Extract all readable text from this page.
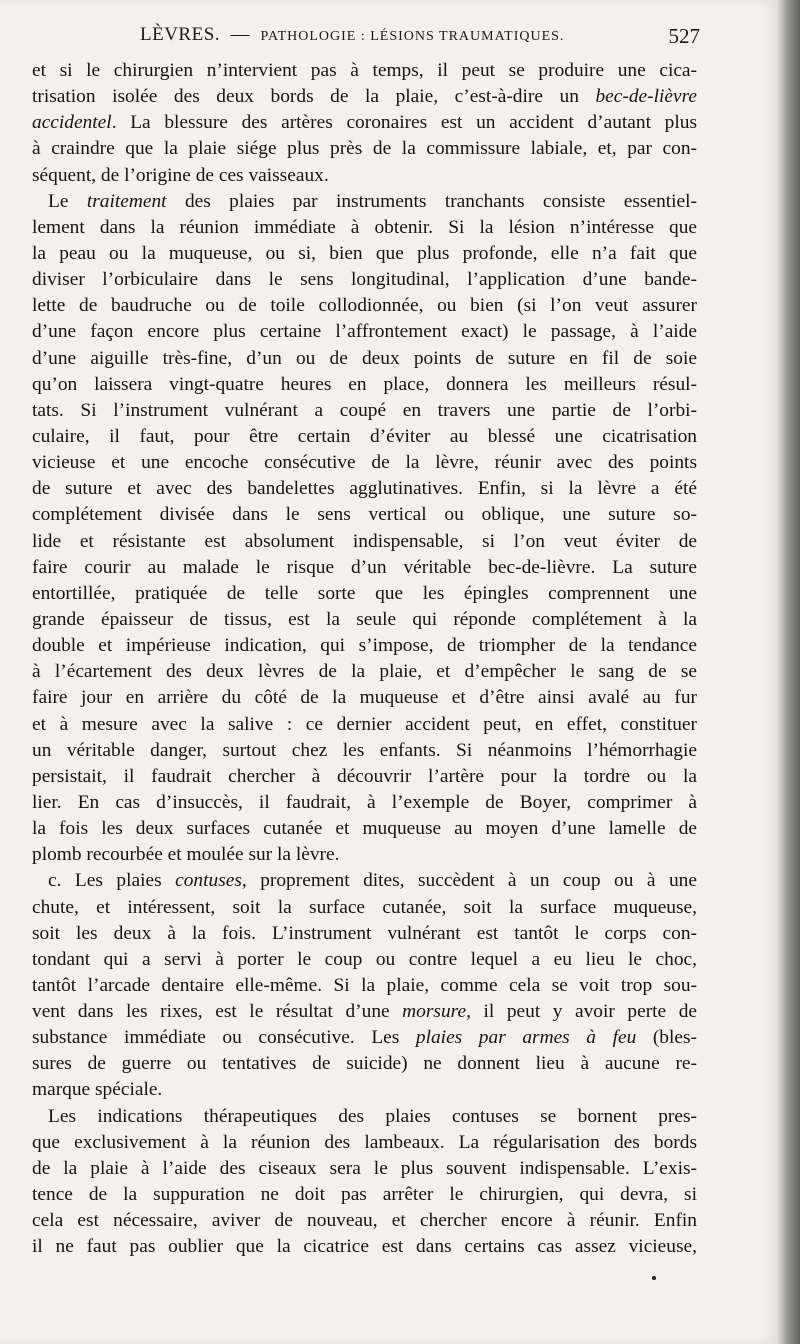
LÈVRES. — PATHOLOGIE : LÉSIONS TRAUMATIQUES.	527
et si le chirurgien n’intervient pas à temps, il peut se produire une cica-
trisation isolée des deux bords de la plaie, c’est-à-dire un bec-de-lièvre
accidentel. La blessure des artères coronaires est un accident d’autant plus
à craindre que la plaie siége plus près de la commissure labiale, et, par con-
séquent, de l’origine de ces vaisseaux.
Le traitement des plaies par instruments tranchants consiste essentiel-
lement dans la réunion immédiate à obtenir. Si la lésion n’intéresse que
la peau ou la muqueuse, ou si, bien que plus profonde, elle n’a fait que
diviser l’orbiculaire dans le sens longitudinal, l’application d’une bande-
lette de baudruche ou de toile collodionnée, ou bien (si l’on veut assurer
d’une façon encore plus certaine l’affrontement exact) le passage, à l’aide
d’une aiguille très-fine, d’un ou de deux points de suture en fil de soie
qu’on laissera vingt-quatre heures en place, donnera les meilleurs résul-
tats. Si l’instrument vulnérant a coupé en travers une partie de l’orbi-
culaire, il faut, pour être certain d’éviter au blessé une cicatrisation
vicieuse et une encoche consécutive de la lèvre, réunir avec des points
de suture et avec des bandelettes agglutinatives. Enfin, si la lèvre a été
complétement divisée dans le sens vertical ou oblique, une suture so-
lide et résistante est absolument indispensable, si l’on veut éviter de
faire courir au malade le risque d’un véritable bec-de-lièvre. La suture
entortillée, pratiquée de telle sorte que les épingles comprennent une
grande épaisseur de tissus, est la seule qui réponde complétement à la
double et impérieuse indication, qui s’impose, de triompher de la tendance
à l’écartement des deux lèvres de la plaie, et d’empêcher le sang de se
faire jour en arrière du côté de la muqueuse et d’être ainsi avalé au fur
et à mesure avec la salive : ce dernier accident peut, en effet, constituer
un véritable danger, surtout chez les enfants. Si néanmoins l’hémorrhagie
persistait, il faudrait chercher à découvrir l’artère pour la tordre ou la
lier. En cas d’insuccès, il faudrait, à l’exemple de Boyer, comprimer à
la fois les deux surfaces cutanée et muqueuse au moyen d’une lamelle de
plomb recourbée et moulée sur la lèvre.
c. Les plaies contuses, proprement dites, succèdent à un coup ou à une
chute, et intéressent, soit la surface cutanée, soit la surface muqueuse,
soit les deux à la fois. L’instrument vulnérant est tantôt le corps con-
tondant qui a servi à porter le coup ou contre lequel a eu lieu le choc,
tantôt l’arcade dentaire elle-même. Si la plaie, comme cela se voit trop sou-
vent dans les rixes, est le résultat d’une morsure, il peut y avoir perte de
substance immédiate ou consécutive. Les plaies par armes à feu (bles-
sures de guerre ou tentatives de suicide) ne donnent lieu à aucune re-
marque spéciale.
Les indications thérapeutiques des plaies contuses se bornent pres-
que exclusivement à la réunion des lambeaux. La régularisation des bords
de la plaie à l’aide des ciseaux sera le plus souvent indispensable. L’exis-
tence de la suppuration ne doit pas arrêter le chirurgien, qui devra, si
cela est nécessaire, aviver de nouveau, et chercher encore à réunir. Enfin
il ne faut pas oublier que la cicatrice est dans certains cas assez vicieuse,
